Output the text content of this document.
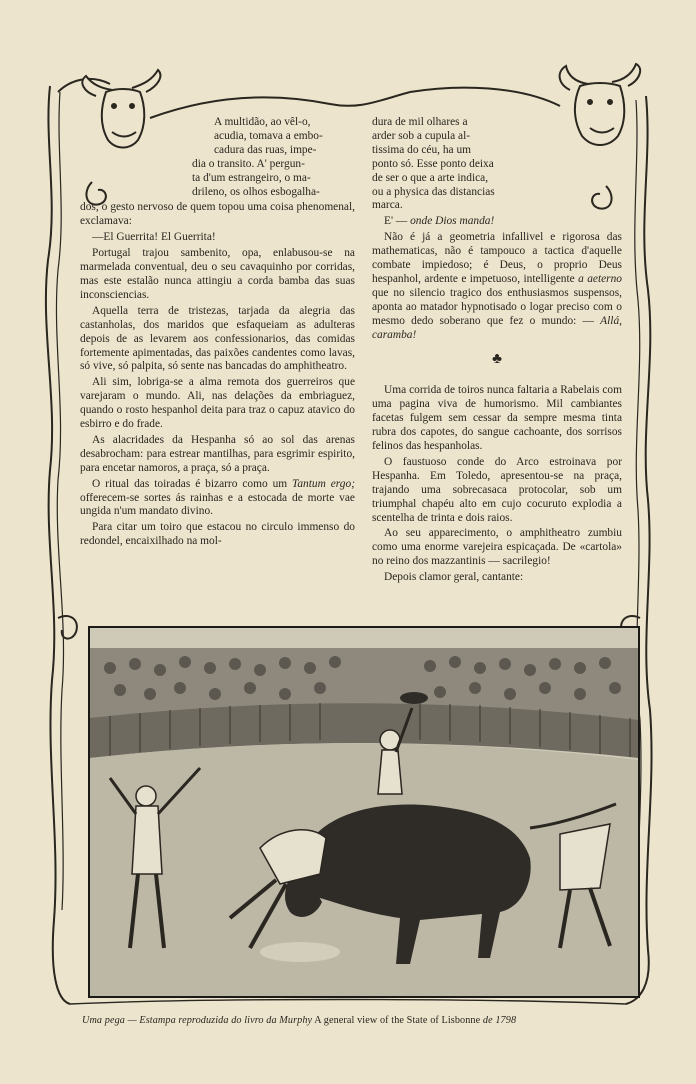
A multidão, ao vêl-o,
acudia, tomava a embo-
cadura das ruas, impe-
dia o transito. A' pergun-
ta d'um estrangeiro, o ma-
drileno, os olhos esbogalha-

dos, o gesto nervoso de quem topou uma coisa phenomenal, exclamava:

—El Guerrita! El Guerrita!

Portugal trajou sambenito, opa, enlabusou-se na marmelada conventual, deu o seu cavaquinho por corridas, mas este estalão nunca attingiu a corda bamba das suas inconsciencias.

Aquella terra de tristezas, tarjada da alegria das castanholas, dos maridos que esfaqueiam as adulteras depois de as levarem aos confessionarios, das comidas fortemente apimentadas, das paixões candentes como lavas, só vive, só palpita, só sente nas bancadas do amphitheatro.

Ali sim, lobriga-se a alma remota dos guerreiros que varejaram o mundo. Ali, nas delações da embriaguez, quando o rosto hespanhol deita para traz o capuz atavico do esbirro e do frade.

As alacridades da Hespanha só ao sol das arenas desabrocham: para estrear mantilhas, para esgrimir espirito, para encetar namoros, a praça, só a praça.

O ritual das toiradas é bizarro como um Tantum ergo; offerecem-se sortes ás rainhas e a estocada de morte vae ungida n'um mandato divino.

Para citar um toiro que estacou no circulo immenso do redondel, encaixilhado na mol-

dura de mil olhares a
arder sob a cupula al-
tissima do céu, ha um
ponto só. Esse ponto deixa
de ser o que a arte indica,
ou a physica das distancias
marca.

E' — onde Dios manda!

Não é já a geometria infallivel e rigorosa das mathematicas, não é tampouco a tactica d'aquelle combate impiedoso; é Deus, o proprio Deus hespanhol, ardente e impetuoso, intelligente a aeterno que no silencio tragico dos enthusiasmos suspensos, aponta ao matador hypnotisado o logar preciso com o mesmo dedo soberano que fez o mundo: — Allá, caramba!

♣

Uma corrida de toiros nunca faltaria a Rabelais com uma pagina viva de humorismo. Mil cambiantes facetas fulgem sem cessar da sempre mesma tinta rubra dos capotes, do sangue cachoante, dos sorrisos felinos das hespanholas.

O faustuoso conde do Arco estroinava por Hespanha. Em Toledo, apresentou-se na praça, trajando uma sobrecasaca protocolar, sob um triumphal chapéu alto em cujo cocuruto explodia a scentelha de trinta e dois raios.

Ao seu apparecimento, o amphitheatro zumbiu como uma enorme varejeira espicaçada. De «cartola» no reino dos mazzantinis — sacrilegio!

Depois clamor geral, cantante:

Uma pega — Estampa reproduzida do livro da Murphy A general view of the State of Lisbonne de 1798
